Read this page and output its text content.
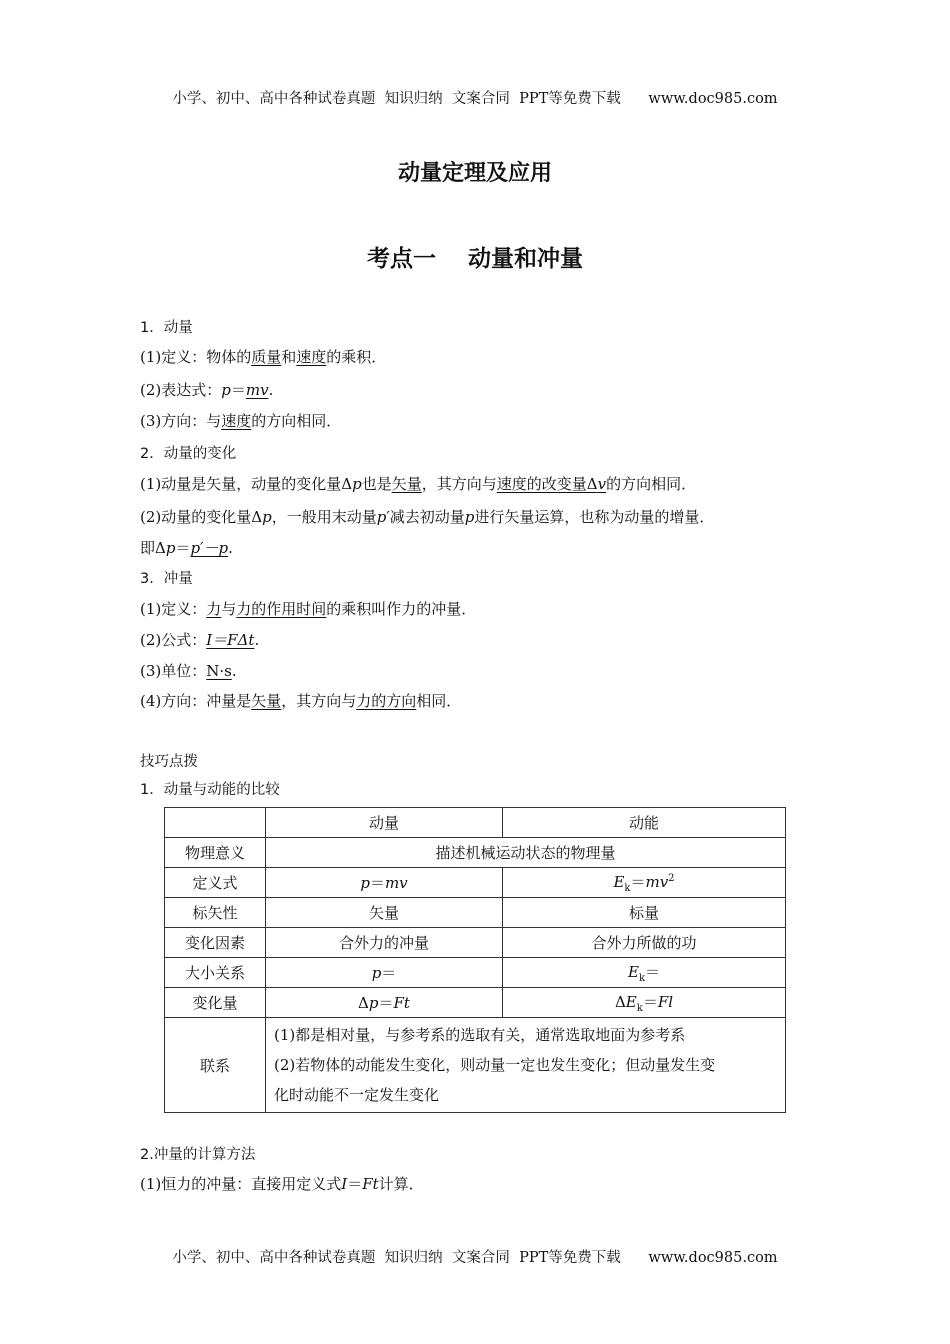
小学、初中、高中各种试卷真题  知识归纳  文案合同  PPT等免费下载      www.doc985.com
动量定理及应用
考点一    动量和冲量
1．动量
(1)定义：物体的质量和速度的乘积．
(2)表达式：p＝mv.
(3)方向：与速度的方向相同．
2．动量的变化
(1)动量是矢量，动量的变化量Δp也是矢量，其方向与速度的改变量Δv的方向相同．
(2)动量的变化量Δp，一般用末动量p′减去初动量p进行矢量运算，也称为动量的增量．
即Δp＝p′－p.
3．冲量
(1)定义：力与力的作用时间的乘积叫作力的冲量．
(2)公式：I＝FΔt.
(3)单位：N·s.
(4)方向：冲量是矢量，其方向与力的方向相同．
技巧点拨
1．动量与动能的比较
	动量	动能
物理意义	描述机械运动状态的物理量	
定义式	p＝mv	$E_k=mv^2$
标矢性	矢量	标量
变化因素	合外力的冲量	合外力所做的功
大小关系	p＝	$E_k=$
变化量	Δp＝Ft	$\Delta E_k=Fl$
联系	(1)都是相对量，与参考系的选取有关，通常选取地面为参考系
(2)若物体的动能发生变化，则动量一定也发生变化；但动量发生变
化时动能不一定发生变化	
2.冲量的计算方法
(1)恒力的冲量：直接用定义式I＝Ft计算．
小学、初中、高中各种试卷真题  知识归纳  文案合同  PPT等免费下载      www.doc985.com
